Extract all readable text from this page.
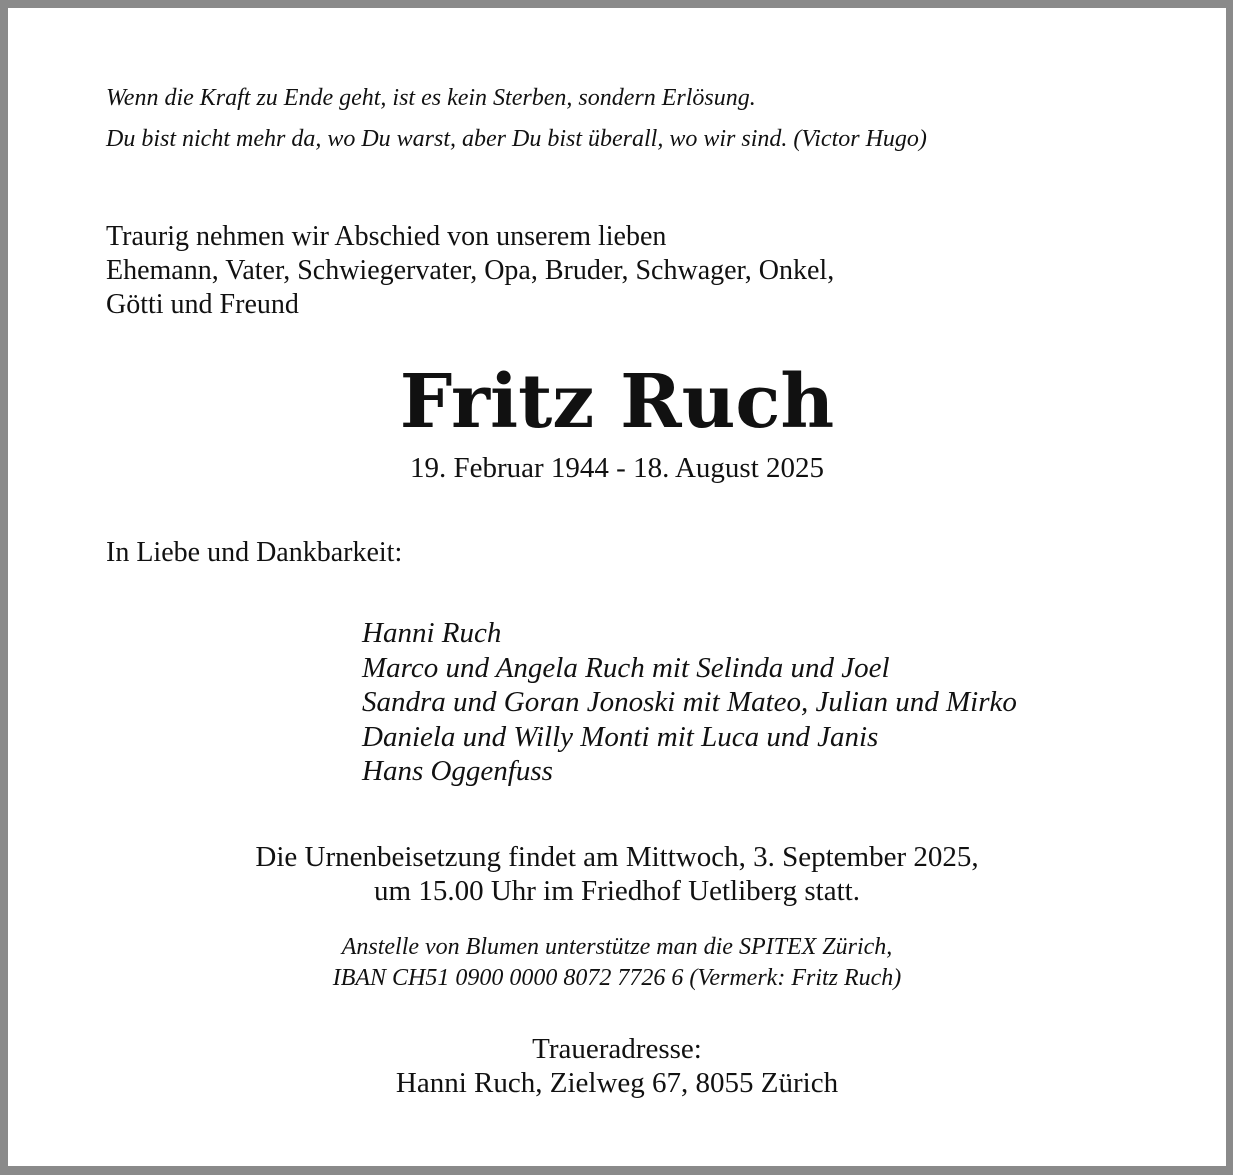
Wenn die Kraft zu Ende geht, ist es kein Sterben, sondern Erlösung.
Du bist nicht mehr da, wo Du warst, aber Du bist überall, wo wir sind. (Victor Hugo)
Traurig nehmen wir Abschied von unserem lieben
Ehemann, Vater, Schwiegervater, Opa, Bruder, Schwager, Onkel,
Götti und Freund
Fritz Ruch
19. Februar 1944 - 18. August 2025
In Liebe und Dankbarkeit:
Hanni Ruch
Marco und Angela Ruch mit Selinda und Joel
Sandra und Goran Jonoski mit Mateo, Julian und Mirko
Daniela und Willy Monti mit Luca und Janis
Hans Oggenfuss
Die Urnenbeisetzung findet am Mittwoch, 3. September 2025,
um 15.00 Uhr im Friedhof Uetliberg statt.
Anstelle von Blumen unterstütze man die SPITEX Zürich,
IBAN CH51 0900 0000 8072 7726 6 (Vermerk: Fritz Ruch)
Traueradresse:
Hanni Ruch, Zielweg 67, 8055 Zürich
